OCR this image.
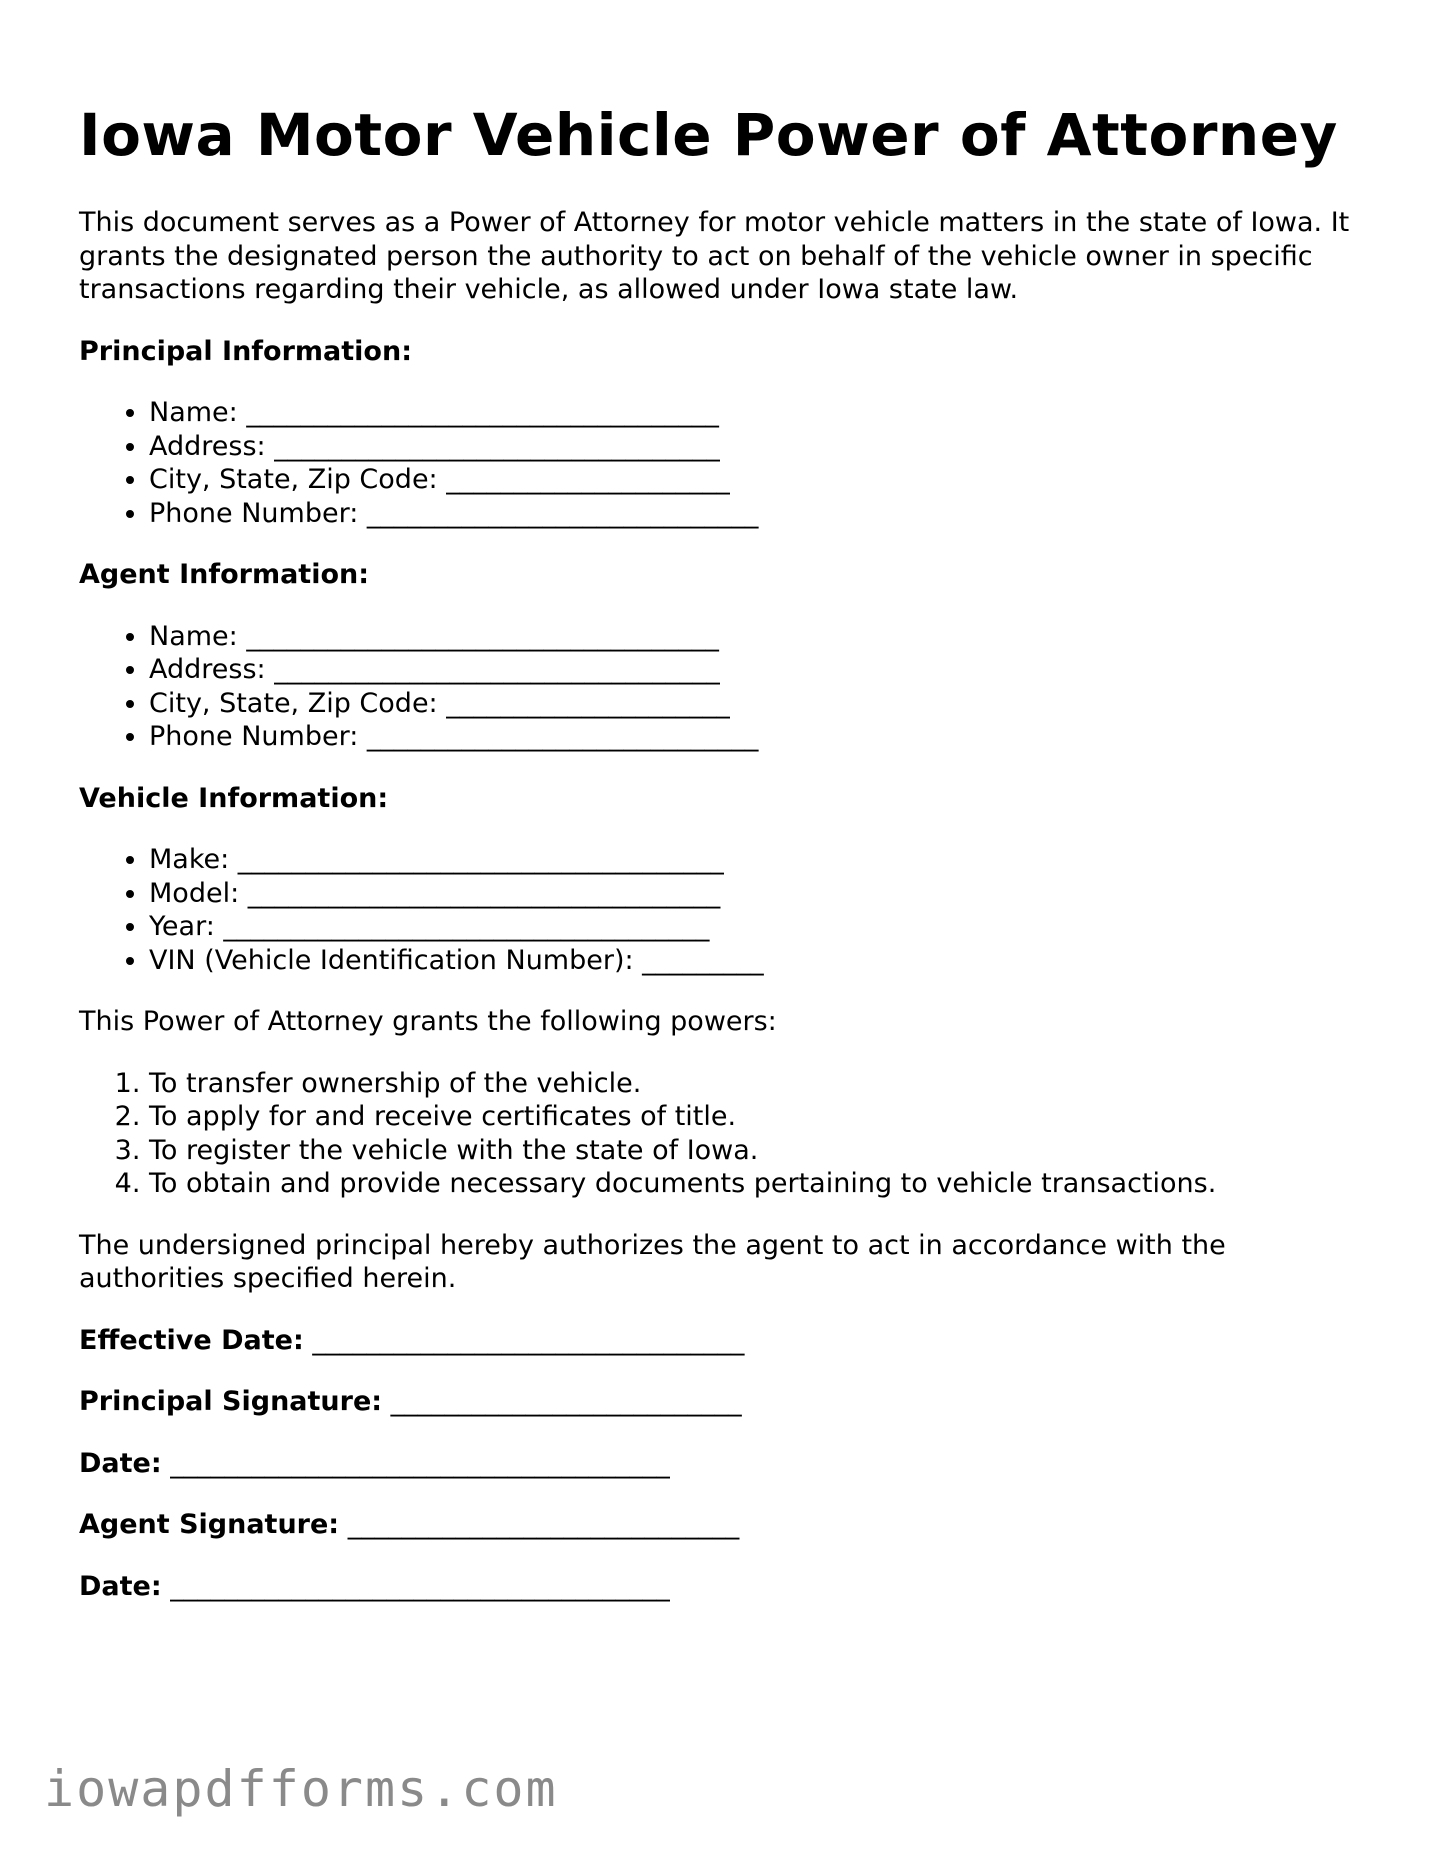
Iowa Motor Vehicle Power of Attorney

This document serves as a Power of Attorney for motor vehicle matters in the state of Iowa. It grants the designated person the authority to act on behalf of the vehicle owner in specific transactions regarding their vehicle, as allowed under Iowa state law.

Principal Information:
• Name: ___________________________________
• Address: _________________________________
• City, State, Zip Code: _____________________
• Phone Number: _____________________________
Agent Information:
• Name: ___________________________________
• Address: _________________________________
• City, State, Zip Code: _____________________
• Phone Number: _____________________________
Vehicle Information:
• Make: ____________________________________
• Model: ___________________________________
• Year: ____________________________________
• VIN (Vehicle Identification Number): _________

This Power of Attorney grants the following powers:

1. To transfer ownership of the vehicle.
2. To apply for and receive certificates of title.
3. To register the vehicle with the state of Iowa.
4. To obtain and provide necessary documents pertaining to vehicle transactions.

The undersigned principal hereby authorizes the agent to act in accordance with the authorities specified herein.

Effective Date: ________________________________
Principal Signature: __________________________
Date: _____________________________________
Agent Signature: _____________________________
Date: _____________________________________
iowapdfforms.com
